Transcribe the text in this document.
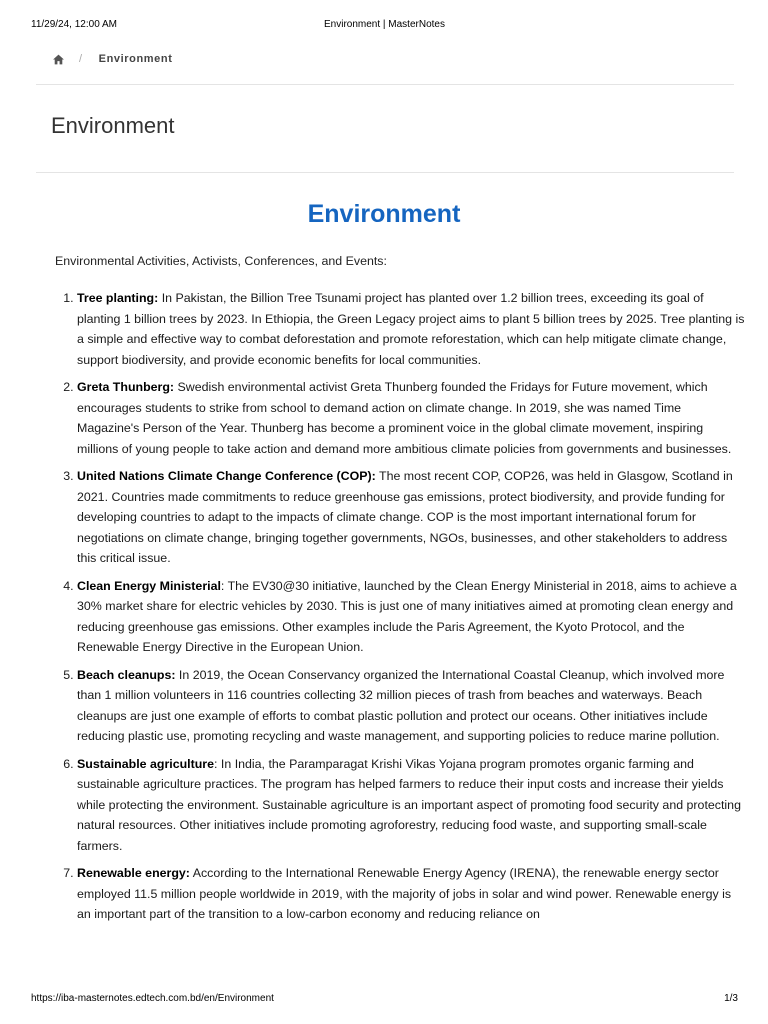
11/29/24, 12:00 AM	Environment | MasterNotes
/ Environment
Environment
Environment

Environmental Activities, Activists, Conferences, and Events:

1. Tree planting: In Pakistan, the Billion Tree Tsunami project has planted over 1.2 billion trees, exceeding its goal of planting 1 billion trees by 2023. In Ethiopia, the Green Legacy project aims to plant 5 billion trees by 2025. Tree planting is a simple and effective way to combat deforestation and promote reforestation, which can help mitigate climate change, support biodiversity, and provide economic benefits for local communities.
2. Greta Thunberg: Swedish environmental activist Greta Thunberg founded the Fridays for Future movement, which encourages students to strike from school to demand action on climate change. In 2019, she was named Time Magazine's Person of the Year. Thunberg has become a prominent voice in the global climate movement, inspiring millions of young people to take action and demand more ambitious climate policies from governments and businesses.
3. United Nations Climate Change Conference (COP): The most recent COP, COP26, was held in Glasgow, Scotland in 2021. Countries made commitments to reduce greenhouse gas emissions, protect biodiversity, and provide funding for developing countries to adapt to the impacts of climate change. COP is the most important international forum for negotiations on climate change, bringing together governments, NGOs, businesses, and other stakeholders to address this critical issue.
4. Clean Energy Ministerial: The EV30@30 initiative, launched by the Clean Energy Ministerial in 2018, aims to achieve a 30% market share for electric vehicles by 2030. This is just one of many initiatives aimed at promoting clean energy and reducing greenhouse gas emissions. Other examples include the Paris Agreement, the Kyoto Protocol, and the Renewable Energy Directive in the European Union.
5. Beach cleanups: In 2019, the Ocean Conservancy organized the International Coastal Cleanup, which involved more than 1 million volunteers in 116 countries collecting 32 million pieces of trash from beaches and waterways. Beach cleanups are just one example of efforts to combat plastic pollution and protect our oceans. Other initiatives include reducing plastic use, promoting recycling and waste management, and supporting policies to reduce marine pollution.
6. Sustainable agriculture: In India, the Paramparagat Krishi Vikas Yojana program promotes organic farming and sustainable agriculture practices. The program has helped farmers to reduce their input costs and increase their yields while protecting the environment. Sustainable agriculture is an important aspect of promoting food security and protecting natural resources. Other initiatives include promoting agroforestry, reducing food waste, and supporting small-scale farmers.
7. Renewable energy: According to the International Renewable Energy Agency (IRENA), the renewable energy sector employed 11.5 million people worldwide in 2019, with the majority of jobs in solar and wind power. Renewable energy is an important part of the transition to a low-carbon economy and reducing reliance on
https://iba-masternotes.edtech.com.bd/en/Environment	1/3
